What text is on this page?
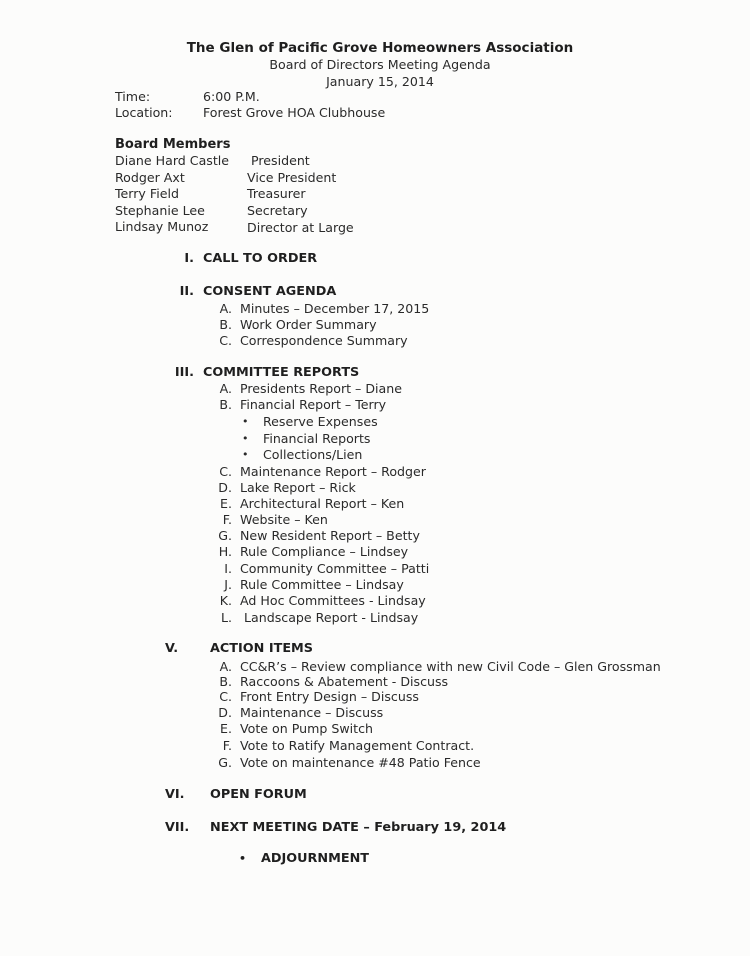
The Glen of Pacific Grove Homeowners Association
Board of Directors Meeting Agenda
January 15, 2014
Time:	6:00 P.M.
Location: Forest Grove HOA Clubhouse
Board Members
Diane Hard Castle President
Rodger Axt	Vice President
Terry Field	Treasurer
Stephanie Lee	Secretary
Lindsay Munoz	Director at Large
I. CALL TO ORDER
II. CONSENT AGENDA
A. Minutes – December 17, 2015
B. Work Order Summary
C. Correspondence Summary
III. COMMITTEE REPORTS
A. Presidents Report – Diane
B. Financial Report – Terry
• Reserve Expenses
• Financial Reports
• Collections/Lien
C. Maintenance Report – Rodger
D. Lake Report – Rick
E. Architectural Report – Ken
F. Website – Ken
G. New Resident Report – Betty
H. Rule Compliance – Lindsey
I. Community Committee – Patti
J. Rule Committee – Lindsay
K. Ad Hoc Committees - Lindsay
L. Landscape Report - Lindsay
V. ACTION ITEMS
A. CC&R’s – Review compliance with new Civil Code – Glen Grossman
B. Raccoons & Abatement - Discuss
C. Front Entry Design – Discuss
D. Maintenance – Discuss
E. Vote on Pump Switch
F. Vote to Ratify Management Contract.
G. Vote on maintenance #48 Patio Fence
VI. OPEN FORUM
VII. NEXT MEETING DATE – February 19, 2014
• ADJOURNMENT
